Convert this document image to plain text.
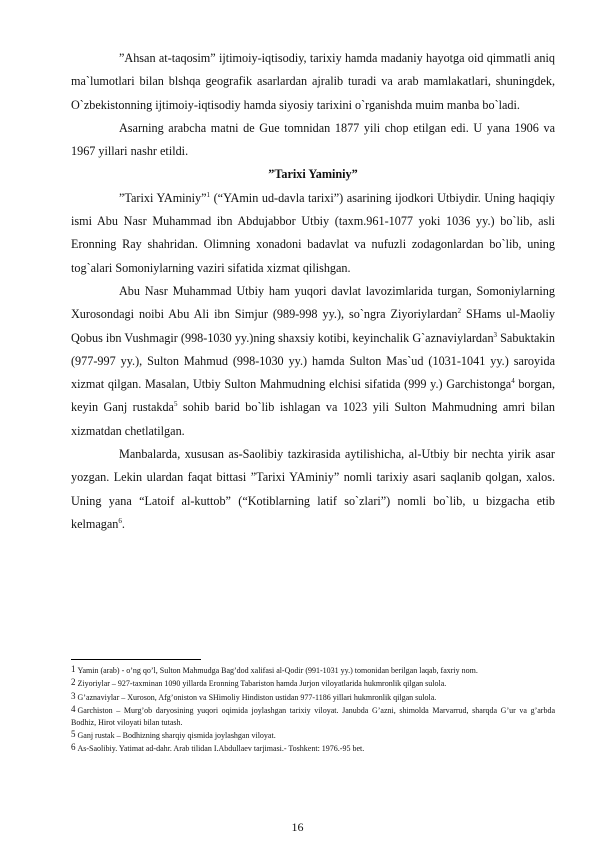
”Ahsan at-taqosim” ijtimoiy-iqtisodiy, tarixiy hamda madaniy hayotga oid qimmatli aniq ma`lumotlari bilan blshqa geografik asarlardan ajralib turadi va arab mamlakatlari, shuningdek, O`zbekistonning ijtimoiy-iqtisodiy hamda siyosiy tarixini o`rganishda muim manba bo`ladi.

Asarning arabcha matni de Gue tomnidan 1877 yili chop etilgan edi. U yana 1906 va 1967 yillari nashr etildi.

”Tarixi Yaminiy”

”Tarixi YAminiy”$^1$ (“YAmin ud-davla tarixi”) asarining ijodkori Utbiydir. Uning haqiqiy ismi Abu Nasr Muhammad ibn Abdujabbor Utbiy (taxm.961-1077 yoki 1036 yy.) bo`lib, asli Eronning Ray shahridan. Olimning xonadoni badavlat va nufuzli zodagonlardan bo`lib, uning tog`alari Somoniylarning vaziri sifatida xizmat qilishgan.

Abu Nasr Muhammad Utbiy ham yuqori davlat lavozimlarida turgan, Somoniylarning Xurosondagi noibi Abu Ali ibn Simjur (989-998 yy.), so`ngra Ziyoriylardan$^2$ SHams ul-Maoliy Qobus ibn Vushmagir (998-1030 yy.)ning shaxsiy kotibi, keyinchalik G`aznaviylardan$^3$ Sabuktakin (977-997 yy.), Sulton Mahmud (998-1030 yy.) hamda Sulton Mas`ud (1031-1041 yy.) saroyida xizmat qilgan. Masalan, Utbiy Sulton Mahmudning elchisi sifatida (999 y.) Garchistonga$^4$ borgan, keyin Ganj rustakda$^5$ sohib barid bo`lib ishlagan va 1023 yili Sulton Mahmudning amri bilan xizmatdan chetlatilgan.

Manbalarda, xususan as-Saolibiy tazkirasida aytilishicha, al-Utbiy bir nechta yirik asar yozgan. Lekin ulardan faqat bittasi ”Tarixi YAminiy” nomli tarixiy asari saqlanib qolgan, xalos. Uning yana “Latoif al-kuttob” (“Kotiblarning latif so`zlari”) nomli bo`lib, u bizgacha etib kelmagan$^6$.

1 Yamin (arab) - o’ng qo’l, Sulton Mahmudga Bag’dod xalifasi al-Qodir (991-1031 yy.) tomonidan berilgan laqab, faxriy nom.

2 Ziyoriylar – 927-taxminan 1090 yillarda Eronning Tabariston hamda Jurjon viloyatlarida hukmronlik qilgan sulola.

3 G’aznaviylar – Xuroson, Afg’oniston va SHimoliy Hindiston ustidan 977-1186 yillari hukmronlik qilgan sulola.

4 Garchiston – Murg’ob daryosining yuqori oqimida joylashgan tarixiy viloyat. Janubda G’azni, shimolda Marvarrud, sharqda G’ur va g’arbda Bodhiz, Hirot viloyati bilan tutash.

5 Ganj rustak – Bodhizning sharqiy qismida joylashgan viloyat.

6 As-Saolibiy. Yatimat ad-dahr. Arab tilidan I.Abdullaev tarjimasi.- Toshkent: 1976.-95 bet.

16
